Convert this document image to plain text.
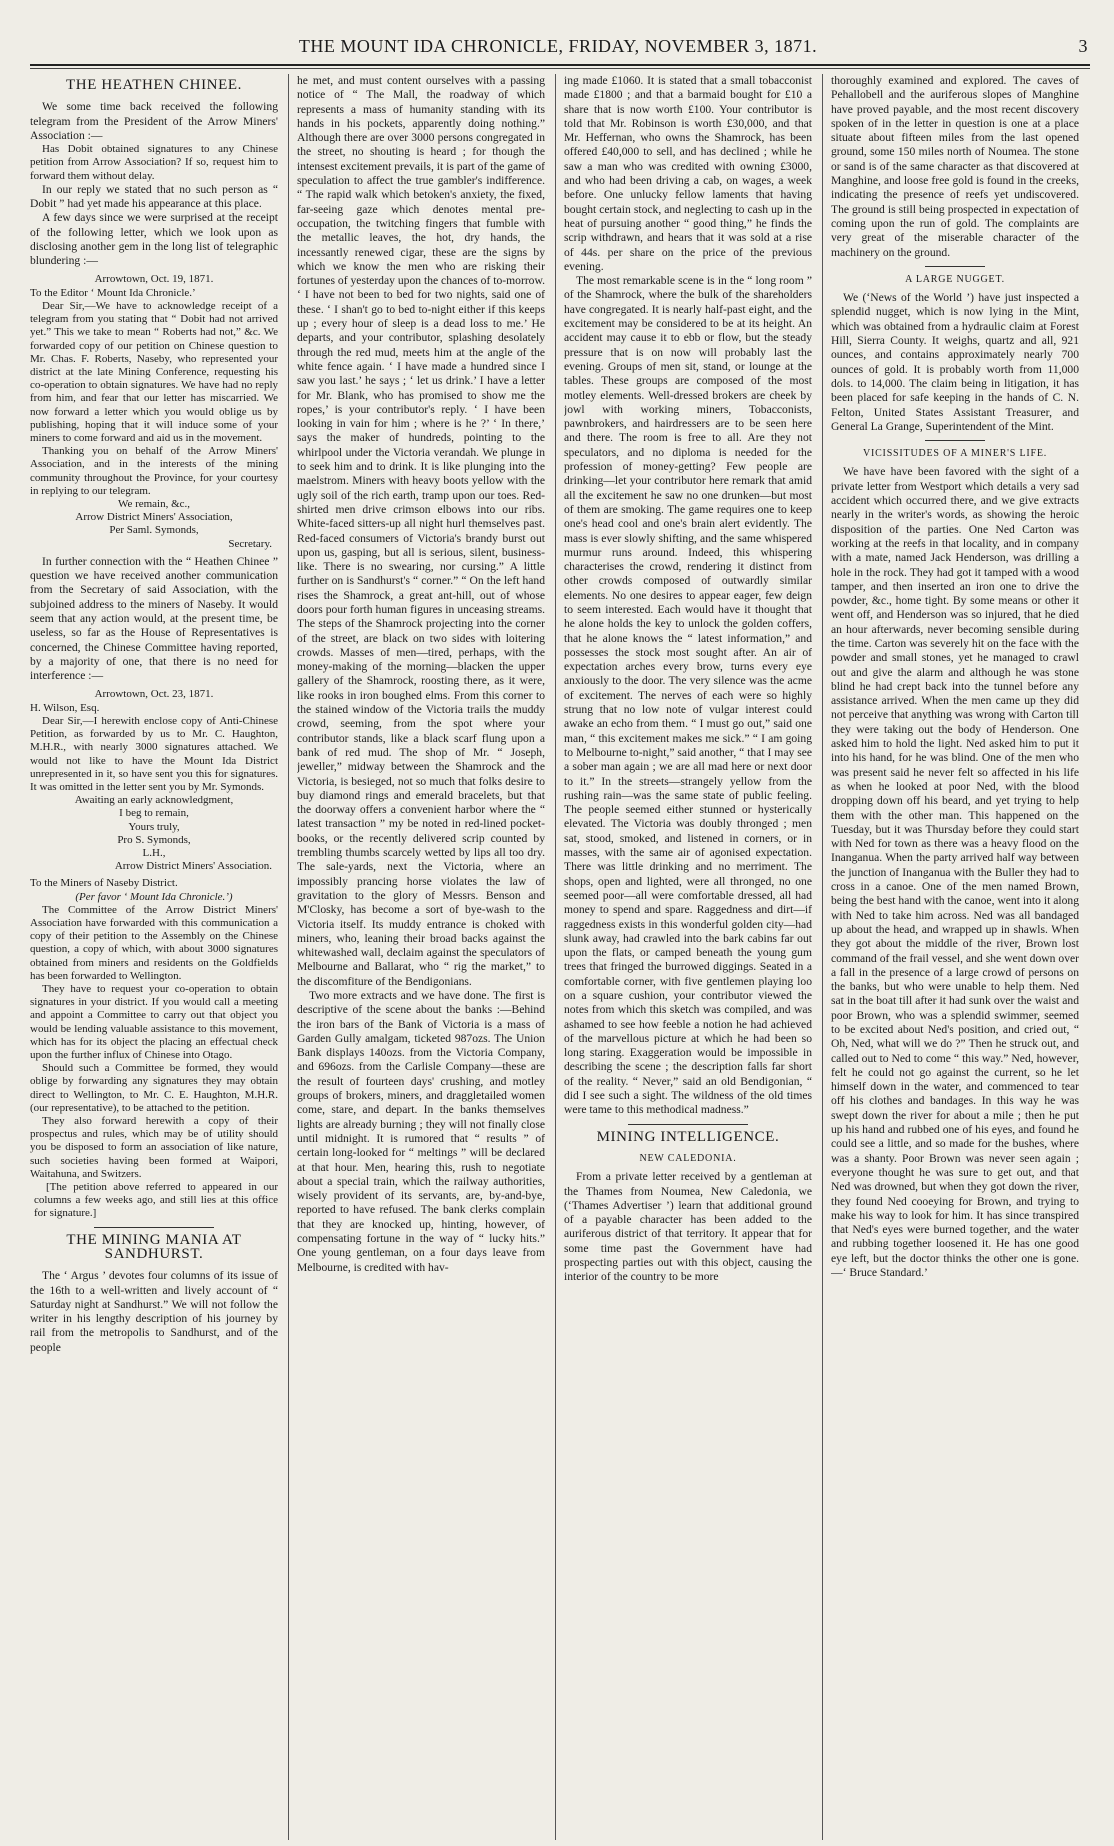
THE MOUNT IDA CHRONICLE, FRIDAY, NOVEMBER 3, 1871.	3
THE HEATHEN CHINEE.

We some time back received the following telegram from the President of the Arrow Miners' Association :—

Has Dobit obtained signatures to any Chinese petition from Arrow Association? If so, request him to forward them without delay.

In our reply we stated that no such person as “ Dobit ” had yet made his appearance at this place.

A few days since we were surprised at the receipt of the following letter, which we look upon as disclosing another gem in the long list of telegraphic blundering :—

Arrowtown, Oct. 19, 1871.

To the Editor ‘ Mount Ida Chronicle.’

Dear Sir,—We have to acknowledge receipt of a telegram from you stating that “ Dobit had not arrived yet.” This we take to mean “ Roberts had not,” &c. We forwarded copy of our petition on Chinese question to Mr. Chas. F. Roberts, Naseby, who represented your district at the late Mining Conference, requesting his co-operation to obtain signatures. We have had no reply from him, and fear that our letter has miscarried. We now forward a letter which you would oblige us by publishing, hoping that it will induce some of your miners to come forward and aid us in the movement.

Thanking you on behalf of the Arrow Miners' Association, and in the interests of the mining community throughout the Province, for your courtesy in replying to our telegram.

We remain, &c.,

Arrow District Miners' Association,

Per Saml. Symonds,

Secretary.

In further connection with the “ Heathen Chinee ” question we have received another communication from the Secretary of said Association, with the subjoined address to the miners of Naseby. It would seem that any action would, at the present time, be useless, so far as the House of Representatives is concerned, the Chinese Committee having reported, by a majority of one, that there is no need for interference :—

Arrowtown, Oct. 23, 1871.

H. Wilson, Esq.

Dear Sir,—I herewith enclose copy of Anti-Chinese Petition, as forwarded by us to Mr. C. Haughton, M.H.R., with nearly 3000 signatures attached. We would not like to have the Mount Ida District unrepresented in it, so have sent you this for signatures. It was omitted in the letter sent you by Mr. Symonds.

Awaiting an early acknowledgment,

I beg to remain,

Yours truly,

Pro S. Symonds,

L.H.,

Arrow District Miners' Association.

To the Miners of Naseby District.

(Per favor ‘ Mount Ida Chronicle.’)

The Committee of the Arrow District Miners' Association have forwarded with this communication a copy of their petition to the Assembly on the Chinese question, a copy of which, with about 3000 signatures obtained from miners and residents on the Goldfields has been forwarded to Wellington.

They have to request your co-operation to obtain signatures in your district. If you would call a meeting and appoint a Committee to carry out that object you would be lending valuable assistance to this movement, which has for its object the placing an effectual check upon the further influx of Chinese into Otago.

Should such a Committee be formed, they would oblige by forwarding any signatures they may obtain direct to Wellington, to Mr. C. E. Haughton, M.H.R. (our representative), to be attached to the petition.

They also forward herewith a copy of their prospectus and rules, which may be of utility should you be disposed to form an association of like nature, such societies having been formed at Waipori, Waitahuna, and Switzers.

[The petition above referred to appeared in our columns a few weeks ago, and still lies at this office for signature.]

THE MINING MANIA AT SANDHURST.

The ‘ Argus ’ devotes four columns of its issue of the 16th to a well-written and lively account of “ Saturday night at Sandhurst.” We will not follow the writer in his lengthy description of his journey by rail from the metropolis to Sandhurst, and of the people

he met, and must content ourselves with a passing notice of “ The Mall, the roadway of which represents a mass of humanity standing with its hands in his pockets, apparently doing nothing.” Although there are over 3000 persons congregated in the street, no shouting is heard ; for though the intensest excitement prevails, it is part of the game of speculation to affect the true gambler's indifference. “ The rapid walk which betoken's anxiety, the fixed, far-seeing gaze which denotes mental pre-occupation, the twitching fingers that fumble with the metallic leaves, the hot, dry hands, the incessantly renewed cigar, these are the signs by which we know the men who are risking their fortunes of yesterday upon the chances of to-morrow. ‘ I have not been to bed for two nights, said one of these. ‘ I shan't go to bed to-night either if this keeps up ; every hour of sleep is a dead loss to me.’ He departs, and your contributor, splashing desolately through the red mud, meets him at the angle of the white fence again. ‘ I have made a hundred since I saw you last.’ he says ; ‘ let us drink.’ I have a letter for Mr. Blank, who has promised to show me the ropes,’ is your contributor's reply. ‘ I have been looking in vain for him ; where is he ?’ ‘ In there,’ says the maker of hundreds, pointing to the whirlpool under the Victoria verandah. We plunge in to seek him and to drink. It is like plunging into the maelstrom. Miners with heavy boots yellow with the ugly soil of the rich earth, tramp upon our toes. Red-shirted men drive crimson elbows into our ribs. White-faced sitters-up all night hurl themselves past. Red-faced consumers of Victoria's brandy burst out upon us, gasping, but all is serious, silent, business-like. There is no swearing, nor cursing.” A little further on is Sandhurst's “ corner.” “ On the left hand rises the Shamrock, a great ant-hill, out of whose doors pour forth human figures in unceasing streams. The steps of the Shamrock projecting into the corner of the street, are black on two sides with loitering crowds. Masses of men—tired, perhaps, with the money-making of the morning—blacken the upper gallery of the Shamrock, roosting there, as it were, like rooks in iron boughed elms. From this corner to the stained window of the Victoria trails the muddy crowd, seeming, from the spot where your contributor stands, like a black scarf flung upon a bank of red mud. The shop of Mr. “ Joseph, jeweller,” midway between the Shamrock and the Victoria, is besieged, not so much that folks desire to buy diamond rings and emerald bracelets, but that the doorway offers a convenient harbor where the “ latest transaction ” my be noted in red-lined pocket-books, or the recently delivered scrip counted by trembling thumbs scarcely wetted by lips all too dry. The sale-yards, next the Victoria, where an impossibly prancing horse violates the law of gravitation to the glory of Messrs. Benson and M'Closky, has become a sort of bye-wash to the Victoria itself. Its muddy entrance is choked with miners, who, leaning their broad backs against the whitewashed wall, declaim against the speculators of Melbourne and Ballarat, who “ rig the market,” to the discomfiture of the Bendigonians.

Two more extracts and we have done. The first is descriptive of the scene about the banks :—Behind the iron bars of the Bank of Victoria is a mass of Garden Gully amalgam, ticketed 987ozs. The Union Bank displays 140ozs. from the Victoria Company, and 696ozs. from the Carlisle Company—these are the result of fourteen days' crushing, and motley groups of brokers, miners, and draggletailed women come, stare, and depart. In the banks themselves lights are already burning ; they will not finally close until midnight. It is rumored that “ results ” of certain long-looked for “ meltings ” will be declared at that hour. Men, hearing this, rush to negotiate about a special train, which the railway authorities, wisely provident of its servants, are, by-and-bye, reported to have refused. The bank clerks complain that they are knocked up, hinting, however, of compensating fortune in the way of “ lucky hits.” One young gentleman, on a four days leave from Melbourne, is credited with hav-

ing made £1060. It is stated that a small tobacconist made £1800 ; and that a barmaid bought for £10 a share that is now worth £100. Your contributor is told that Mr. Robinson is worth £30,000, and that Mr. Heffernan, who owns the Shamrock, has been offered £40,000 to sell, and has declined ; while he saw a man who was credited with owning £3000, and who had been driving a cab, on wages, a week before. One unlucky fellow laments that having bought certain stock, and neglecting to cash up in the heat of pursuing another “ good thing,” he finds the scrip withdrawn, and hears that it was sold at a rise of 44s. per share on the price of the previous evening.

The most remarkable scene is in the “ long room ” of the Shamrock, where the bulk of the shareholders have congregated. It is nearly half-past eight, and the excitement may be considered to be at its height. An accident may cause it to ebb or flow, but the steady pressure that is on now will probably last the evening. Groups of men sit, stand, or lounge at the tables. These groups are composed of the most motley elements. Well-dressed brokers are cheek by jowl with working miners, Tobacconists, pawnbrokers, and hairdressers are to be seen here and there. The room is free to all. Are they not speculators, and no diploma is needed for the profession of money-getting? Few people are drinking—let your contributor here remark that amid all the excitement he saw no one drunken—but most of them are smoking. The game requires one to keep one's head cool and one's brain alert evidently. The mass is ever slowly shifting, and the same whispered murmur runs around. Indeed, this whispering characterises the crowd, rendering it distinct from other crowds composed of outwardly similar elements. No one desires to appear eager, few deign to seem interested. Each would have it thought that he alone holds the key to unlock the golden coffers, that he alone knows the “ latest information,” and possesses the stock most sought after. An air of expectation arches every brow, turns every eye anxiously to the door. The very silence was the acme of excitement. The nerves of each were so highly strung that no low note of vulgar interest could awake an echo from them. “ I must go out,” said one man, “ this excitement makes me sick.” “ I am going to Melbourne to-night,” said another, “ that I may see a sober man again ; we are all mad here or next door to it.” In the streets—strangely yellow from the rushing rain—was the same state of public feeling. The people seemed either stunned or hysterically elevated. The Victoria was doubly thronged ; men sat, stood, smoked, and listened in corners, or in masses, with the same air of agonised expectation. There was little drinking and no merriment. The shops, open and lighted, were all thronged, no one seemed poor—all were comfortable dressed, all had money to spend and spare. Raggedness and dirt—if raggedness exists in this wonderful golden city—had slunk away, had crawled into the bark cabins far out upon the flats, or camped beneath the young gum trees that fringed the burrowed diggings. Seated in a comfortable corner, with five gentlemen playing loo on a square cushion, your contributor viewed the notes from which this sketch was compiled, and was ashamed to see how feeble a notion he had achieved of the marvellous picture at which he had been so long staring. Exaggeration would be impossible in describing the scene ; the description falls far short of the reality. “ Never,” said an old Bendigonian, “ did I see such a sight. The wildness of the old times were tame to this methodical madness.”

MINING INTELLIGENCE.
NEW CALEDONIA.

From a private letter received by a gentleman at the Thames from Noumea, New Caledonia, we (‘Thames Advertiser ’) learn that additional ground of a payable character has been added to the auriferous district of that territory. It appear that for some time past the Government have had prospecting parties out with this object, causing the interior of the country to be more

thoroughly examined and explored. The caves of Pehallobell and the auriferous slopes of Manghine have proved payable, and the most recent discovery spoken of in the letter in question is one at a place situate about fifteen miles from the last opened ground, some 150 miles north of Noumea. The stone or sand is of the same character as that discovered at Manghine, and loose free gold is found in the creeks, indicating the presence of reefs yet undiscovered. The ground is still being prospected in expectation of coming upon the run of gold. The complaints are very great of the miserable character of the machinery on the ground.

A LARGE NUGGET.

We (‘News of the World ’) have just inspected a splendid nugget, which is now lying in the Mint, which was obtained from a hydraulic claim at Forest Hill, Sierra County. It weighs, quartz and all, 921 ounces, and contains approximately nearly 700 ounces of gold. It is probably worth from 11,000 dols. to 14,000. The claim being in litigation, it has been placed for safe keeping in the hands of C. N. Felton, United States Assistant Treasurer, and General La Grange, Superintendent of the Mint.

VICISSITUDES OF A MINER'S LIFE.

We have have been favored with the sight of a private letter from Westport which details a very sad accident which occurred there, and we give extracts nearly in the writer's words, as showing the heroic disposition of the parties. One Ned Carton was working at the reefs in that locality, and in company with a mate, named Jack Henderson, was drilling a hole in the rock. They had got it tamped with a wood tamper, and then inserted an iron one to drive the powder, &c., home tight. By some means or other it went off, and Henderson was so injured, that he died an hour afterwards, never becoming sensible during the time. Carton was severely hit on the face with the powder and small stones, yet he managed to crawl out and give the alarm and although he was stone blind he had crept back into the tunnel before any assistance arrived. When the men came up they did not perceive that anything was wrong with Carton till they were taking out the body of Henderson. One asked him to hold the light. Ned asked him to put it into his hand, for he was blind. One of the men who was present said he never felt so affected in his life as when he looked at poor Ned, with the blood dropping down off his beard, and yet trying to help them with the other man. This happened on the Tuesday, but it was Thursday before they could start with Ned for town as there was a heavy flood on the Inanganua. When the party arrived half way between the junction of Inanganua with the Buller they had to cross in a canoe. One of the men named Brown, being the best hand with the canoe, went into it along with Ned to take him across. Ned was all bandaged up about the head, and wrapped up in shawls. When they got about the middle of the river, Brown lost command of the frail vessel, and she went down over a fall in the presence of a large crowd of persons on the banks, but who were unable to help them. Ned sat in the boat till after it had sunk over the waist and poor Brown, who was a splendid swimmer, seemed to be excited about Ned's position, and cried out, “ Oh, Ned, what will we do ?” Then he struck out, and called out to Ned to come “ this way.” Ned, however, felt he could not go against the current, so he let himself down in the water, and commenced to tear off his clothes and bandages. In this way he was swept down the river for about a mile ; then he put up his hand and rubbed one of his eyes, and found he could see a little, and so made for the bushes, where was a shanty. Poor Brown was never seen again ; everyone thought he was sure to get out, and that Ned was drowned, but when they got down the river, they found Ned cooeying for Brown, and trying to make his way to look for him. It has since transpired that Ned's eyes were burned together, and the water and rubbing together loosened it. He has one good eye left, but the doctor thinks the other one is gone.—‘ Bruce Standard.’
